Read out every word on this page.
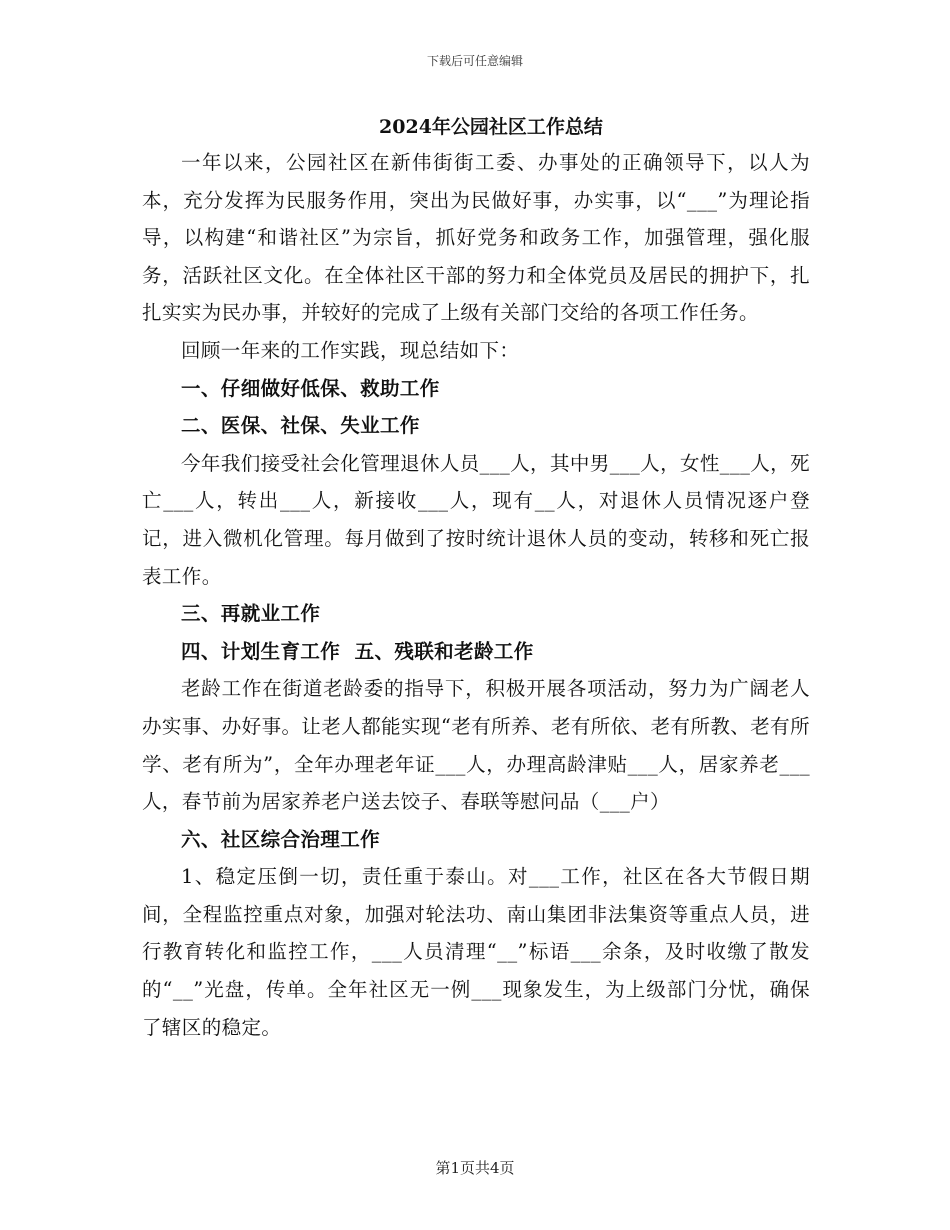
下载后可任意编辑
2024年公园社区工作总结

一年以来，公园社区在新伟街街工委、办事处的正确领导下，以人为本，充分发挥为民服务作用，突出为民做好事，办实事，以“___”为理论指导，以构建“和谐社区”为宗旨，抓好党务和政务工作，加强管理，强化服务，活跃社区文化。在全体社区干部的努力和全体党员及居民的拥护下，扎扎实实为民办事，并较好的完成了上级有关部门交给的各项工作任务。

回顾一年来的工作实践，现总结如下：

一、仔细做好低保、救助工作

二、医保、社保、失业工作

今年我们接受社会化管理退休人员___人，其中男___人，女性___人，死亡___人，转出___人，新接收___人，现有__人，对退休人员情况逐户登记，进入微机化管理。每月做到了按时统计退休人员的变动，转移和死亡报表工作。

三、再就业工作

四、计划生育工作  五、残联和老龄工作

老龄工作在街道老龄委的指导下，积极开展各项活动，努力为广阔老人办实事、办好事。让老人都能实现“老有所养、老有所依、老有所教、老有所学、老有所为”，全年办理老年证___人，办理高龄津贴___人，居家养老___人，春节前为居家养老户送去饺子、春联等慰问品（___户）

六、社区综合治理工作

1、稳定压倒一切，责任重于泰山。对___工作，社区在各大节假日期间，全程监控重点对象，加强对轮法功、南山集团非法集资等重点人员，进行教育转化和监控工作，___人员清理“__”标语___余条，及时收缴了散发的“__”光盘，传单。全年社区无一例___现象发生，为上级部门分忧，确保了辖区的稳定。

第1页共4页
